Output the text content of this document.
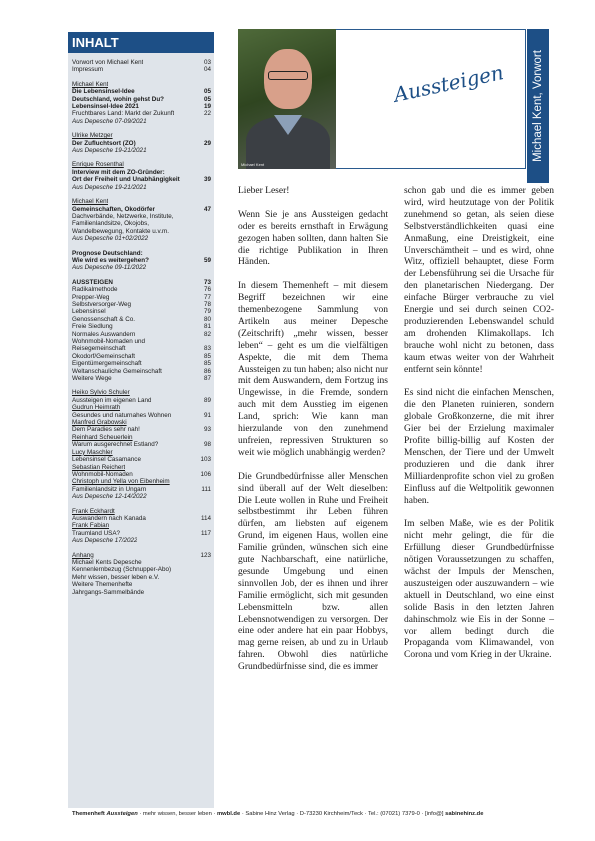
INHALT
Vorwort von Michael Kent	03
Impressum	04
Michael Kent
Die Lebensinsel-Idee	05
Deutschland, wohin gehst Du?	05
Lebensinsel-Idee 2021	19
Fruchtbares Land: Markt der Zukunft	22
Aus Depesche 07-09/2021
Ulrike Metzger
Der Zufluchtsort (ZO)	29
Aus Depesche 19-21/2021
Enrique Rosenthal
Interview mit dem ZO-Gründer:
Ort der Freiheit und Unabhängigkeit	39
Aus Depesche 19-21/2021
Michael Kent
Gemeinschaften, Ökodörfer	47
Dachverbände, Netzwerke, Institute,
Familienlandsitze, Ökojobs,
Wandelbewegung, Kontakte u.v.m.
Aus Depesche 01+02/2022
Prognose Deutschland:
Wie wird es weitergehen?	59
Aus Depesche 09-11/2022
AUSSTEIGEN	73
Radikalmethode	76
Prepper-Weg	77
Selbstversorger-Weg	78
Lebensinsel	79
Genossenschaft & Co.	80
Freie Siedlung	81
Normales Auswandern	82
Wohnmobil-Nomaden und
Reisegemeinschaft	83
Ökodorf/Gemeinschaft	85
Eigentümergemeinschaft	85
Weltanschauliche Gemeinschaft	86
Weitere Wege	87
Heiko Sylvio Schuler
Aussteigen im eigenen Land	89
Gudrun Heimrath
Gesundes und naturnahes Wohnen	91
Manfred Grabowski
Dem Paradies sehr nah!	93
Reinhard Scheuerlein
Warum ausgerechnet Estland?	98
Lucy Maschler
Lebensinsel Casamance	103
Sebastian Reichert
Wohnmobil-Nomaden	106
Christoph und Yella von Eibenheim
Familienlandsitz in Ungarn	111
Aus Depesche 12-14/2022
Frank Eckhardt
Auswandern nach Kanada	114
Frank Fabian
Traumland USA?	117
Aus Depesche 17/2022
Anhang	123
Michael Kents Depesche
Kennenlernbezug (Schnupper-Abo)
Mehr wissen, besser leben e.V.
Weitere Themenhefte
Jahrgangs-Sammelbände
Michael Kent
Aussteigen Michael Kent, Vorwort

Lieber Leser!

Wenn Sie je ans Aussteigen gedacht oder es bereits ernsthaft in Erwägung gezogen haben sollten, dann halten Sie die richtige Publikation in Ihren Händen.

In diesem Themenheft – mit diesem Begriff bezeichnen wir eine themenbezogene Sammlung von Artikeln aus meiner Depesche (Zeitschrift) „mehr wissen, besser leben“ – geht es um die vielfältigen Aspekte, die mit dem Thema Aussteigen zu tun haben; also nicht nur mit dem Auswandern, dem Fortzug ins Ungewisse, in die Fremde, sondern auch mit dem Ausstieg im eigenen Land, sprich: Wie kann man hierzulande von den zunehmend unfreien, repressiven Strukturen so weit wie möglich unabhängig werden?

Die Grundbedürfnisse aller Menschen sind überall auf der Welt dieselben: Die Leute wollen in Ruhe und Freiheit selbstbestimmt ihr Leben führen dürfen, am liebsten auf eigenem Grund, im eigenen Haus, wollen eine Familie gründen, wünschen sich eine gute Nachbarschaft, eine natürliche, gesunde Umgebung und einen sinnvollen Job, der es ihnen und ihrer Familie ermöglicht, sich mit gesunden Lebensmitteln bzw. allen Lebensnotwendigen zu versorgen. Der eine oder andere hat ein paar Hobbys, mag gerne reisen, ab und zu in Urlaub fahren. Obwohl dies natürliche Grundbedürfnisse sind, die es immer

schon gab und die es immer geben wird, wird heutzutage von der Politik zunehmend so getan, als seien diese Selbstverständlichkeiten quasi eine Anmaßung, eine Dreistigkeit, eine Unverschämtheit – und es wird, ohne Witz, offiziell behauptet, diese Form der Lebensführung sei die Ursache für den planetarischen Niedergang. Der einfache Bürger verbrauche zu viel Energie und sei durch seinen CO2-produzierenden Lebenswandel schuld am drohenden Klimakollaps. Ich brauche wohl nicht zu betonen, dass kaum etwas weiter von der Wahrheit entfernt sein könnte!

Es sind nicht die einfachen Menschen, die den Planeten ruinieren, sondern globale Großkonzerne, die mit ihrer Gier bei der Erzielung maximaler Profite billig-billig auf Kosten der Menschen, der Tiere und der Umwelt produzieren und die dank ihrer Milliardenprofite schon viel zu großen Einfluss auf die Weltpolitik gewonnen haben.

Im selben Maße, wie es der Politik nicht mehr gelingt, die für die Erfüllung dieser Grundbedürfnisse nötigen Voraussetzungen zu schaffen, wächst der Impuls der Menschen, auszusteigen oder auszuwandern – wie aktuell in Deutschland, wo eine einst solide Basis in den letzten Jahren dahinschmolz wie Eis in der Sonne – vor allem bedingt durch die Propaganda vom Klimawandel, von Corona und vom Krieg in der Ukraine.

Themenheft Aussteigen · mehr wissen, besser leben · mwbl.de · Sabine Hinz Verlag · D-73230 Kirchheim/Teck · Tel.: (07021) 7379-0 · [info@] sabinehinz.de
